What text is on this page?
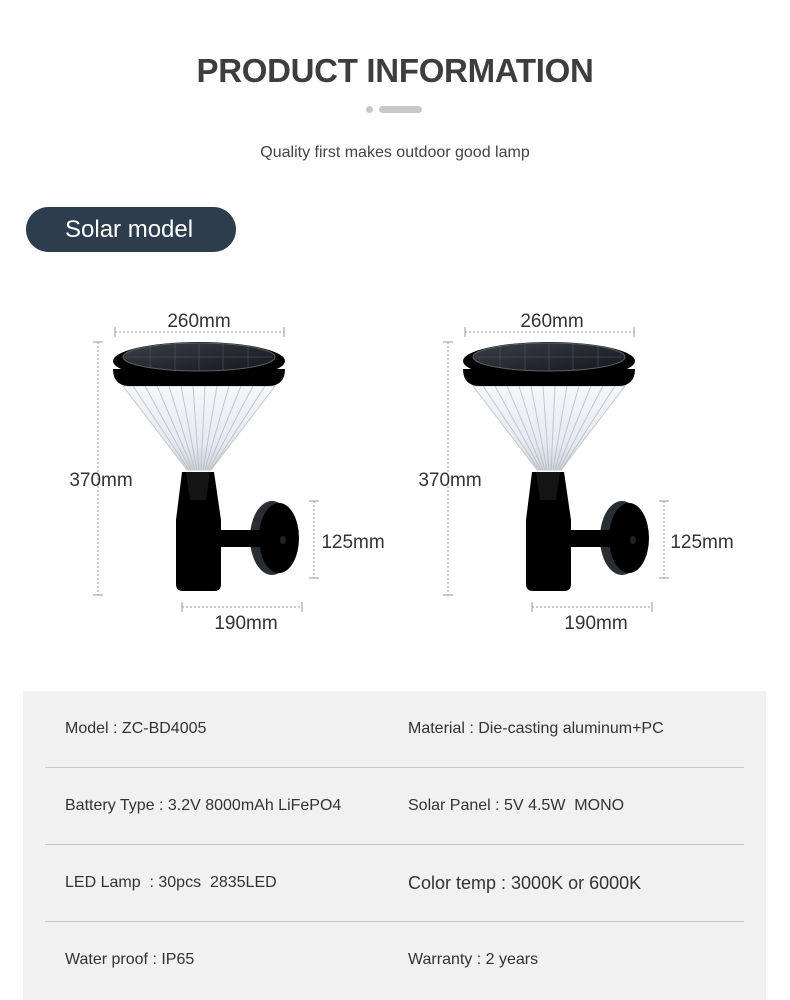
PRODUCT INFORMATION
Quality first makes outdoor good lamp
Solar model
260mm
370mm
125mm
190mm
260mm
370mm
125mm
190mm
Model : ZC-BD4005	Material : Die-casting aluminum+PC
Battery Type : 3.2V 8000mAh LiFePO4	Solar Panel : 5V 4.5W  MONO
LED Lamp  : 30pcs  2835LED	Color temp : 3000K or 6000K
Water proof : IP65	Warranty : 2 years
